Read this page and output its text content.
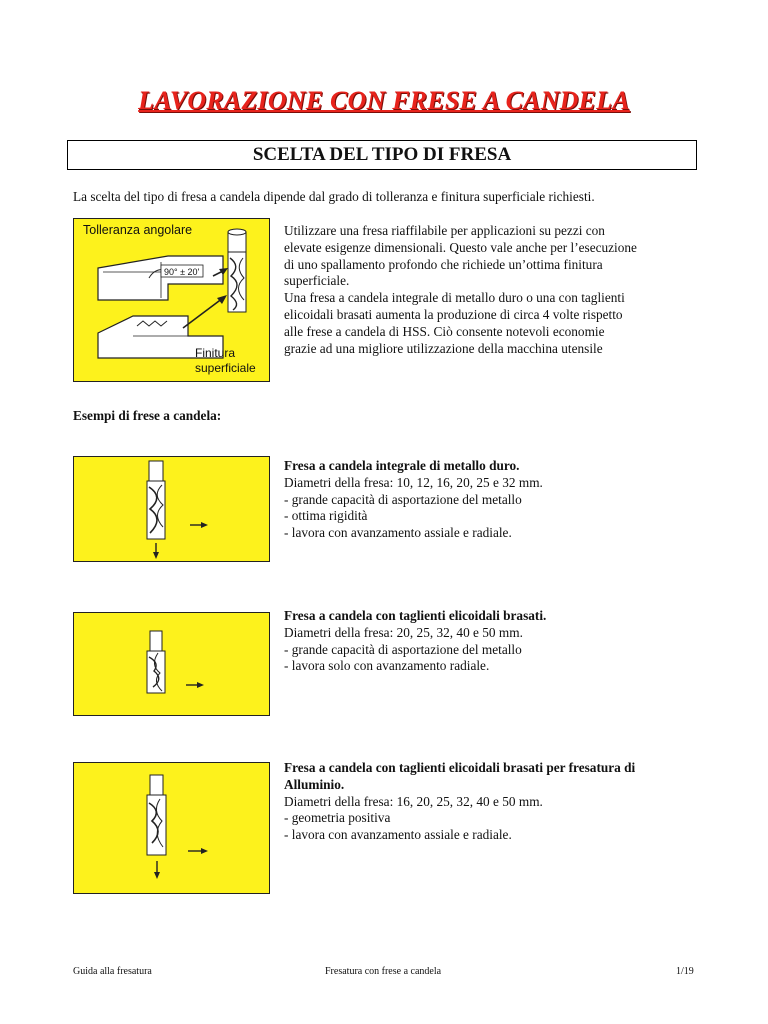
LAVORAZIONE CON FRESE A CANDELA
SCELTA DEL TIPO DI FRESA
La scelta del tipo di fresa a candela dipende dal grado di tolleranza e finitura superficiale richiesti.
Tolleranza angolare
90° ± 20'
Finitura
superficiale
Utilizzare una fresa riaffilabile per applicazioni su pezzi con
elevate esigenze dimensionali. Questo vale anche per l’esecuzione
di uno spallamento profondo che richiede un’ottima finitura
superficiale.
Una fresa a candela integrale di metallo duro o una con taglienti
elicoidali brasati aumenta la produzione di circa 4 volte rispetto
alle frese a candela di HSS. Ciò consente notevoli economie
grazie ad una migliore utilizzazione della macchina utensile
Esempi di frese a candela:
Fresa a candela integrale di metallo duro.
Diametri della fresa: 10, 12, 16, 20, 25 e 32 mm.
- grande capacità di asportazione del metallo
- ottima rigidità
- lavora con avanzamento assiale e radiale.
Fresa a candela con taglienti elicoidali brasati.
Diametri della fresa: 20, 25, 32, 40 e 50 mm.
- grande capacità di asportazione del metallo
- lavora solo con avanzamento radiale.
Fresa a candela con taglienti elicoidali brasati per fresatura di
Alluminio.
Diametri della fresa: 16, 20, 25, 32, 40 e 50 mm.
- geometria positiva
- lavora con avanzamento assiale e radiale.
Guida alla fresatura	Fresatura con frese a candela	1/19
